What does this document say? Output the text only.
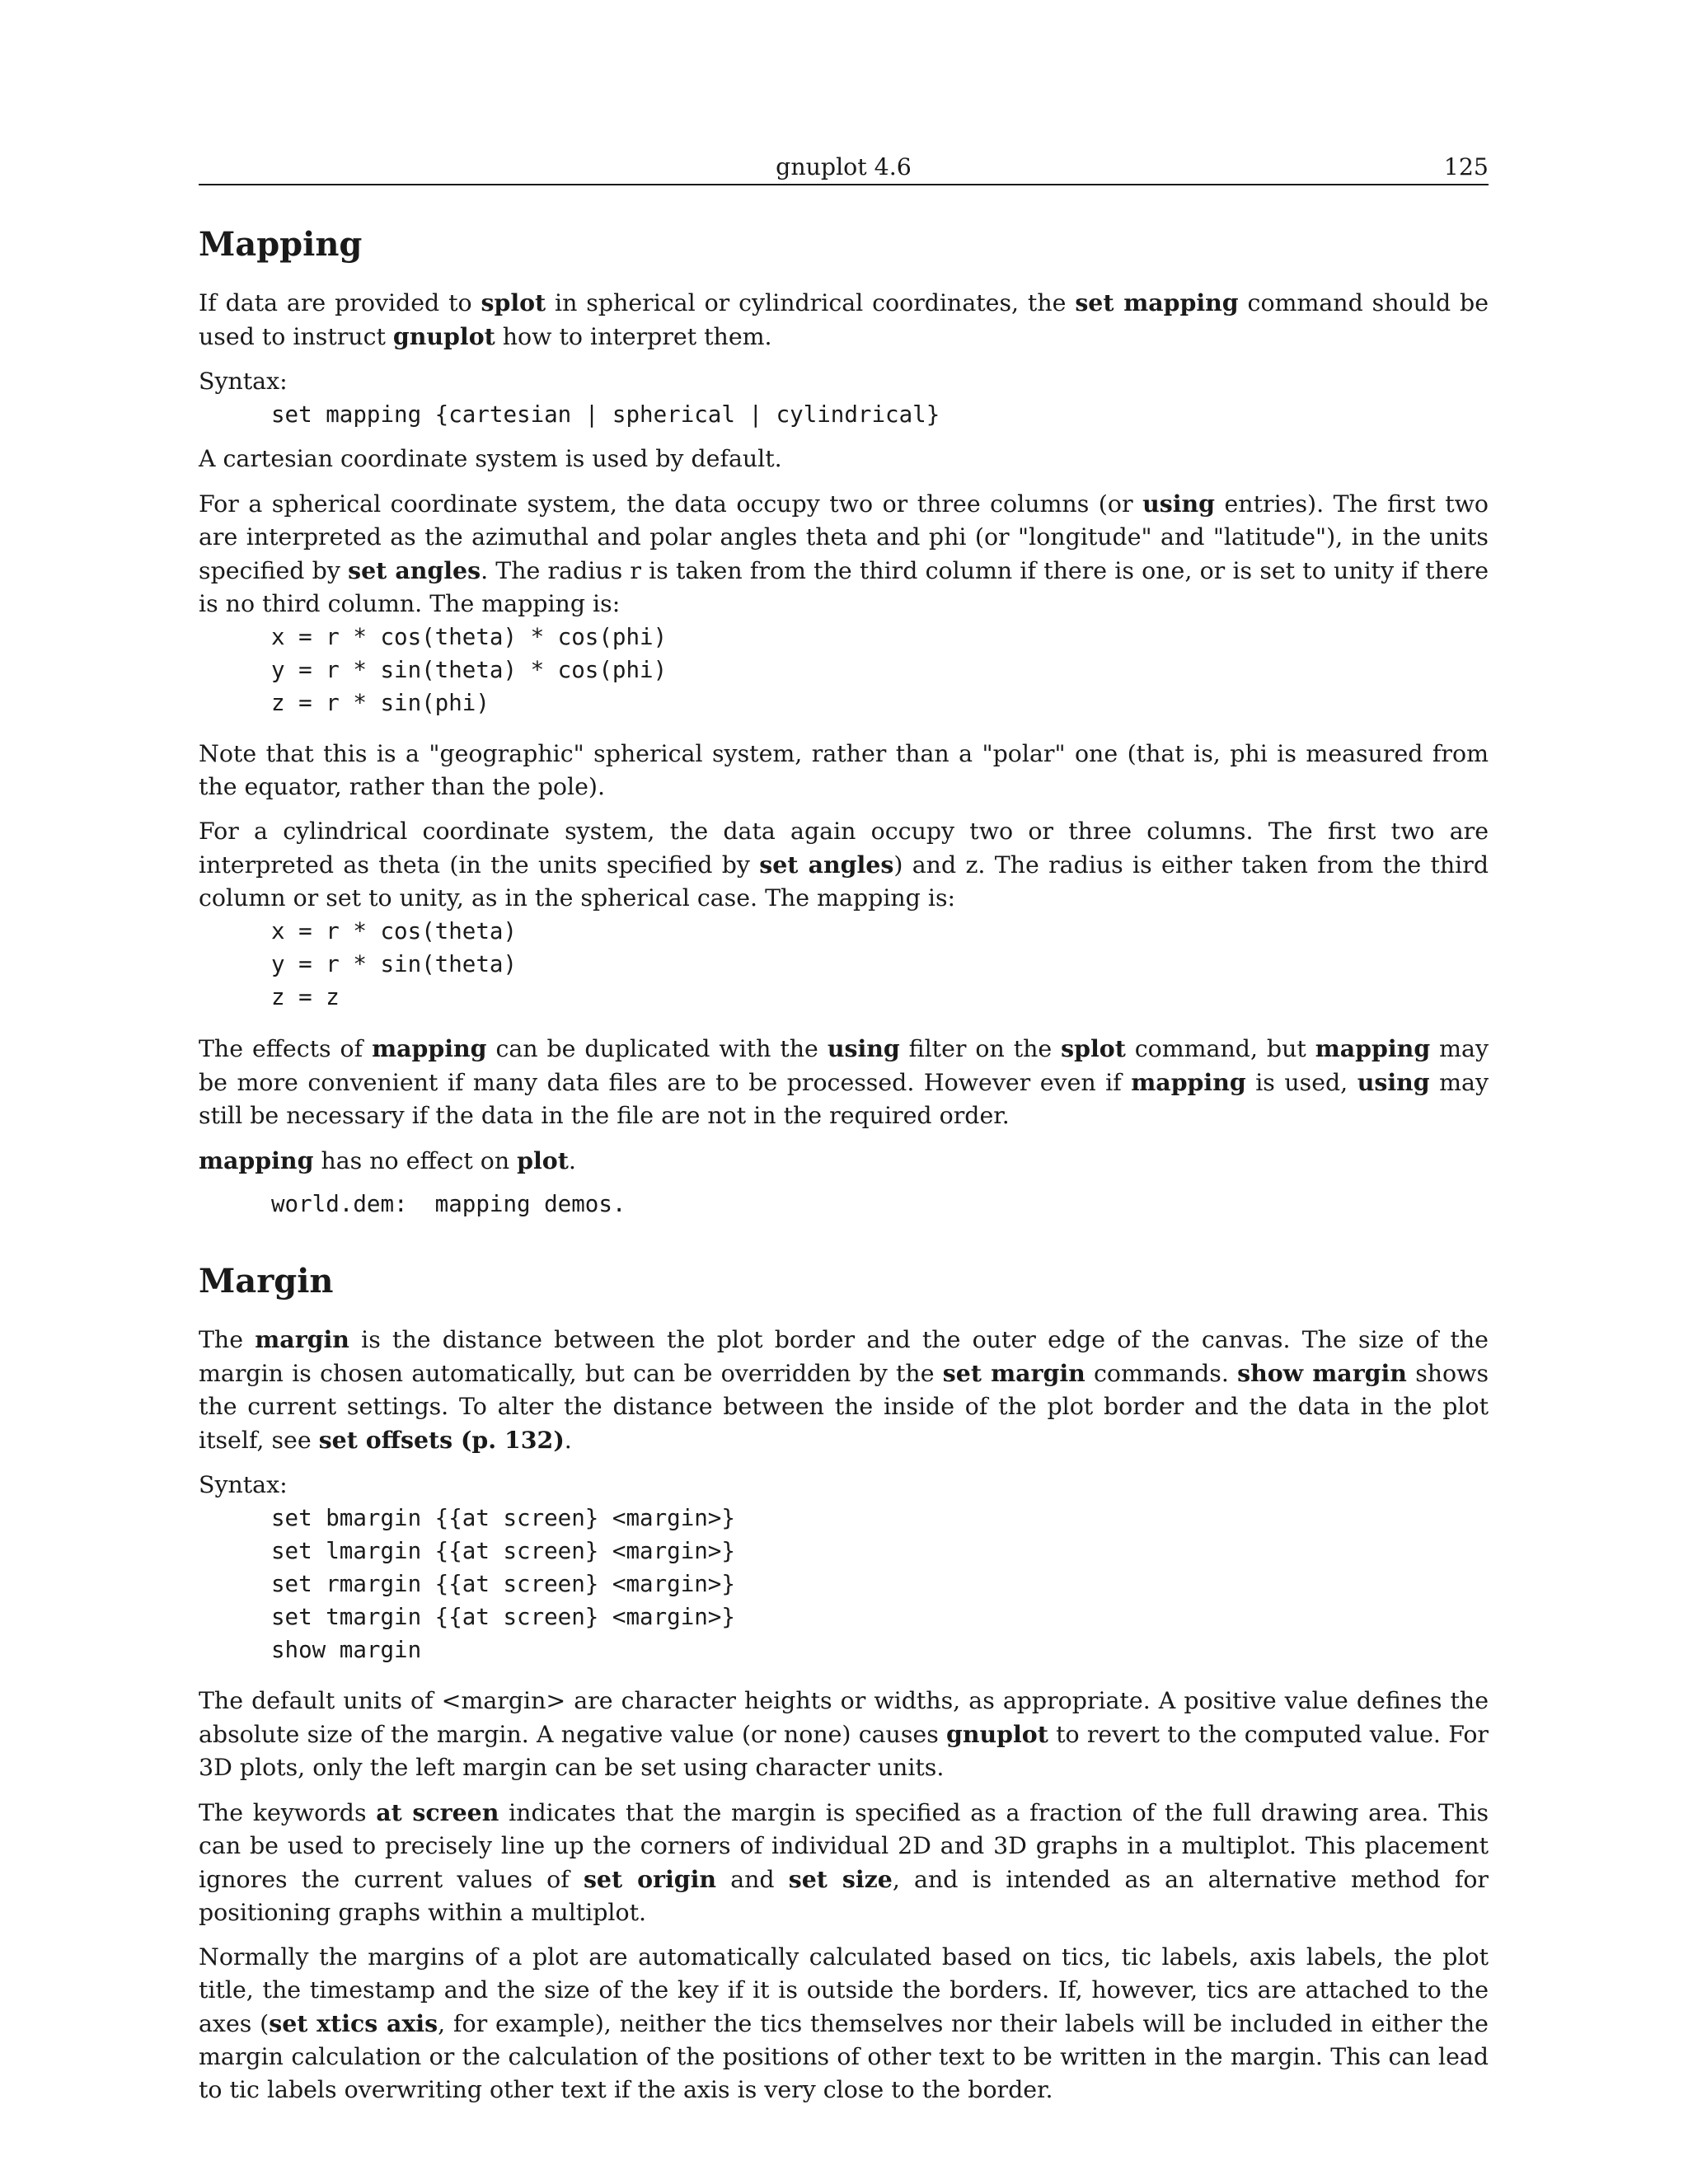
gnuplot 4.6	125
Mapping

If data are provided to splot in spherical or cylindrical coordinates, the set mapping command should be used to instruct gnuplot how to interpret them.

Syntax:
set mapping {cartesian | spherical | cylindrical}

A cartesian coordinate system is used by default.

For a spherical coordinate system, the data occupy two or three columns (or using entries). The first two are interpreted as the azimuthal and polar angles theta and phi (or "longitude" and "latitude"), in the units specified by set angles. The radius r is taken from the third column if there is one, or is set to unity if there is no third column. The mapping is:

x = r * cos(theta) * cos(phi)
y = r * sin(theta) * cos(phi)
z = r * sin(phi)

Note that this is a "geographic" spherical system, rather than a "polar" one (that is, phi is measured from the equator, rather than the pole).

For a cylindrical coordinate system, the data again occupy two or three columns. The first two are interpreted as theta (in the units specified by set angles) and z. The radius is either taken from the third column or set to unity, as in the spherical case. The mapping is:

x = r * cos(theta)
y = r * sin(theta)
z = z

The effects of mapping can be duplicated with the using filter on the splot command, but mapping may be more convenient if many data files are to be processed. However even if mapping is used, using may still be necessary if the data in the file are not in the required order.

mapping has no effect on plot.

world.dem:  mapping demos.
Margin

The margin is the distance between the plot border and the outer edge of the canvas. The size of the margin is chosen automatically, but can be overridden by the set margin commands. show margin shows the current settings. To alter the distance between the inside of the plot border and the data in the plot itself, see set offsets (p. 132).

Syntax:
set bmargin {{at screen} <margin>}
set lmargin {{at screen} <margin>}
set rmargin {{at screen} <margin>}
set tmargin {{at screen} <margin>}
show margin

The default units of <margin> are character heights or widths, as appropriate. A positive value defines the absolute size of the margin. A negative value (or none) causes gnuplot to revert to the computed value. For 3D plots, only the left margin can be set using character units.

The keywords at screen indicates that the margin is specified as a fraction of the full drawing area. This can be used to precisely line up the corners of individual 2D and 3D graphs in a multiplot. This placement ignores the current values of set origin and set size, and is intended as an alternative method for positioning graphs within a multiplot.

Normally the margins of a plot are automatically calculated based on tics, tic labels, axis labels, the plot title, the timestamp and the size of the key if it is outside the borders. If, however, tics are attached to the axes (set xtics axis, for example), neither the tics themselves nor their labels will be included in either the margin calculation or the calculation of the positions of other text to be written in the margin. This can lead to tic labels overwriting other text if the axis is very close to the border.
